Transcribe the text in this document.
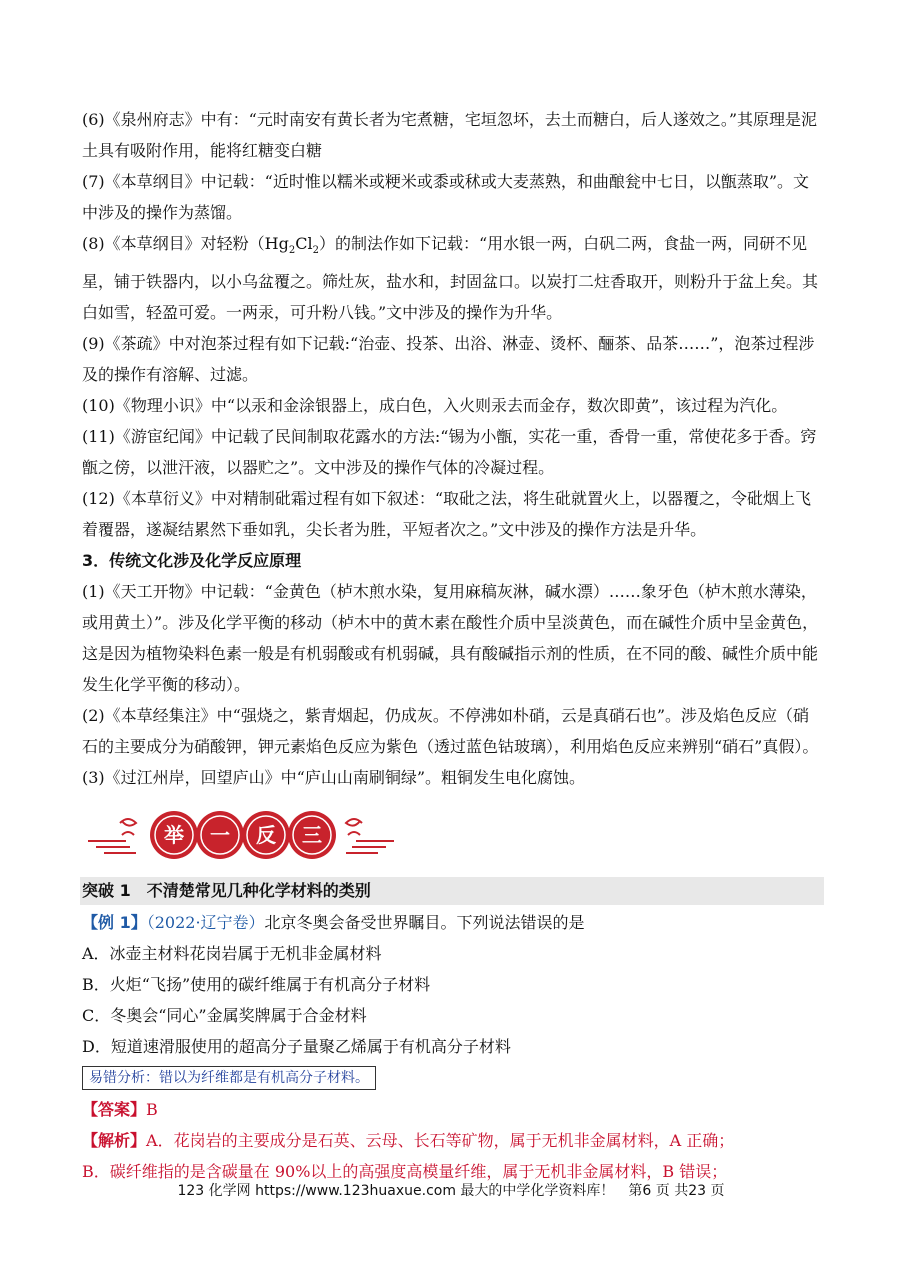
(6)《泉州府志》中有：“元时南安有黄长者为宅煮糖，宅垣忽坏，去土而糖白，后人遂效之。”其原理是泥土具有吸附作用，能将红糖变白糖

(7)《本草纲目》中记载：“近时惟以糯米或粳米或黍或秫或大麦蒸熟，和曲酿瓮中七日，以甑蒸取”。文中涉及的操作为蒸馏。

(8)《本草纲目》对轻粉$(Hg_2Cl_2)$的制法作如下记载：“用水银一两，白矾二两，食盐一两，同研不见星，铺于铁器内，以小乌盆覆之。筛灶灰，盐水和，封固盆口。以炭打二炷香取开，则粉升于盆上矣。其白如雪，轻盈可爱。一两汞，可升粉八钱。”文中涉及的操作为升华。

(9)《茶疏》中对泡茶过程有如下记载:“治壶、投茶、出浴、淋壶、烫杯、酾茶、品茶……”，泡茶过程涉及的操作有溶解、过滤。

(10)《物理小识》中“以汞和金涂银器上，成白色，入火则汞去而金存，数次即黄”，该过程为汽化。

(11)《游宦纪闻》中记载了民间制取花露水的方法:“锡为小甑，实花一重，香骨一重，常使花多于香。窍甑之傍，以泄汗液，以器贮之”。文中涉及的操作气体的冷凝过程。

(12)《本草衍义》中对精制砒霜过程有如下叙述：“取砒之法，将生砒就置火上，以器覆之，令砒烟上飞着覆器，遂凝结累然下垂如乳，尖长者为胜，平短者次之。”文中涉及的操作方法是升华。

3．传统文化涉及化学反应原理

(1)《天工开物》中记载：“金黄色（栌木煎水染，复用麻稿灰淋，碱水漂）……象牙色（栌木煎水薄染，或用黄土）”。涉及化学平衡的移动（栌木中的黄木素在酸性介质中呈淡黄色，而在碱性介质中呈金黄色，这是因为植物染料色素一般是有机弱酸或有机弱碱，具有酸碱指示剂的性质，在不同的酸、碱性介质中能发生化学平衡的移动）。

(2)《本草经集注》中“强烧之，紫青烟起，仍成灰。不停沸如朴硝，云是真硝石也”。涉及焰色反应（硝石的主要成分为硝酸钾，钾元素焰色反应为紫色（透过蓝色钴玻璃），利用焰色反应来辨别“硝石”真假）。

(3)《过江州岸，回望庐山》中“庐山山南刷铜绿”。粗铜发生电化腐蚀。

举 一 反 三
突破 1　不清楚常见几种化学材料的类别

【例 1】（2022·辽宁卷）北京冬奥会备受世界瞩目。下列说法错误的是

A．冰壶主材料花岗岩属于无机非金属材料

B．火炬“飞扬”使用的碳纤维属于有机高分子材料

C．冬奥会“同心”金属奖牌属于合金材料

D．短道速滑服使用的超高分子量聚乙烯属于有机高分子材料

易错分析：错以为纤维都是有机高分子材料。

【答案】B

【解析】A．花岗岩的主要成分是石英、云母、长石等矿物，属于无机非金属材料，A 正确；

B．碳纤维指的是含碳量在 90%以上的高强度高模量纤维，属于无机非金属材料，B 错误；

123 化学网 https://www.123huaxue.com 最大的中学化学资料库！　第6 页 共23 页
